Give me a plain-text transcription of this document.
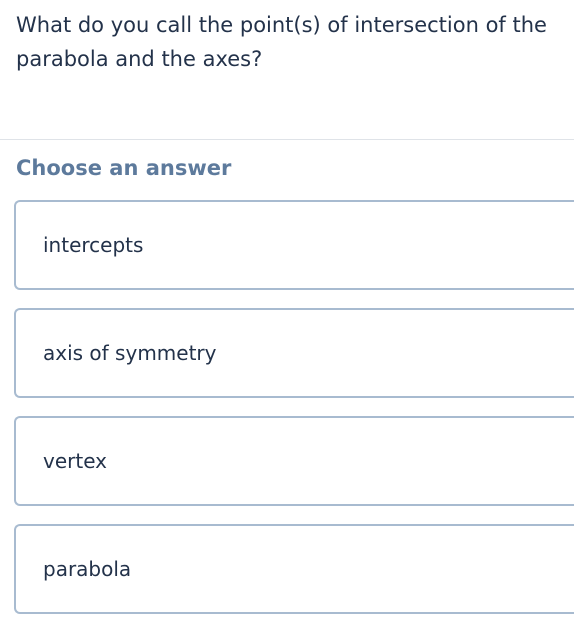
What do you call the point(s) of intersection of the parabola and the axes?
Choose an answer
intercepts
axis of symmetry
vertex
parabola
